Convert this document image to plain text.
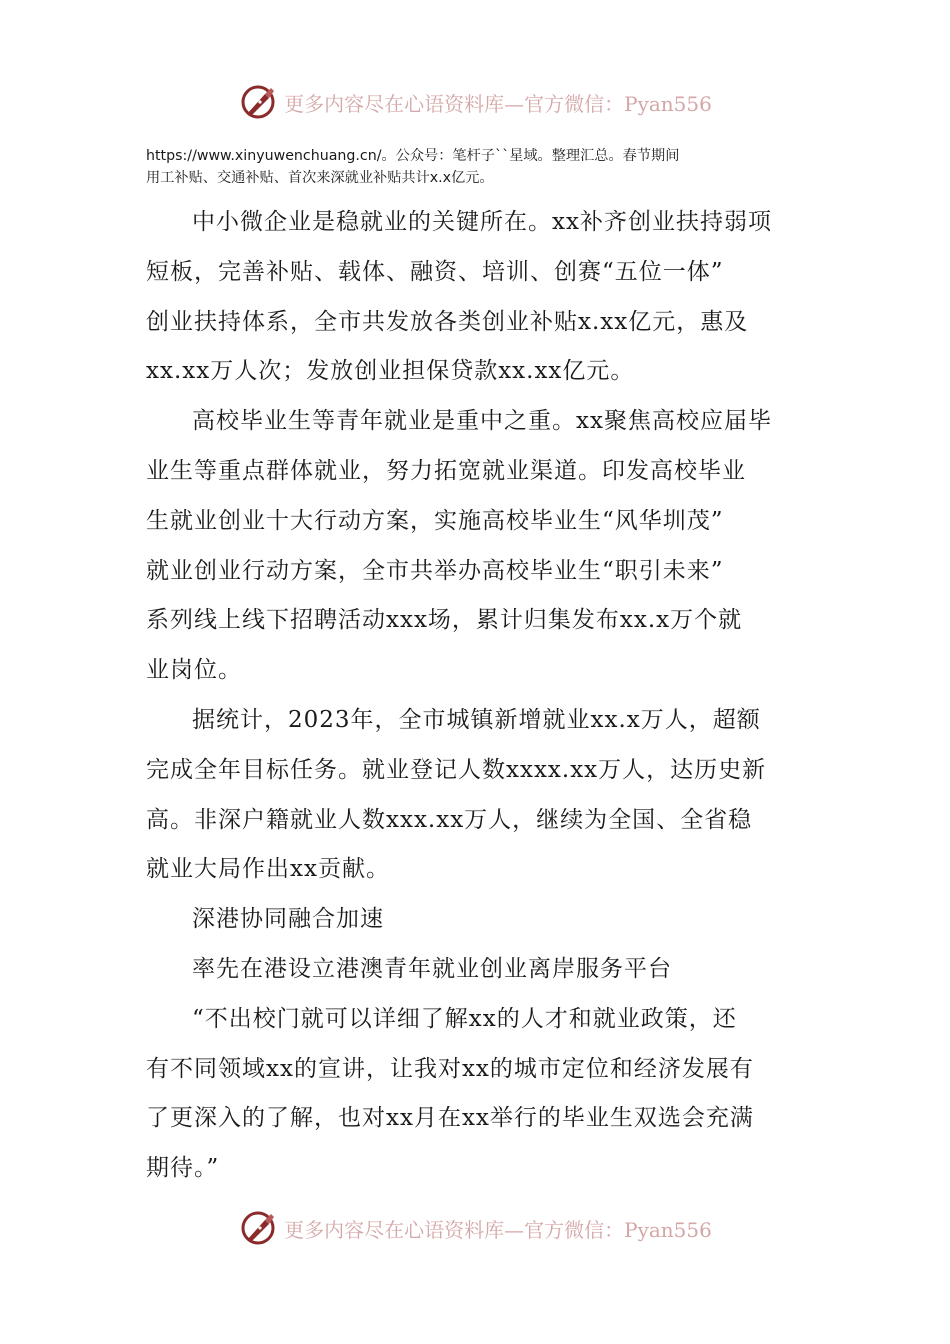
更多内容尽在心语资料库—官方微信：Pyan556
https://www.xinyuwenchuang.cn/。公众号：笔杆子``星域。整理汇总。春节期间
用工补贴、交通补贴、首次来深就业补贴共计x.x亿元。

中小微企业是稳就业的关键所在。xx补齐创业扶持弱项
短板，完善补贴、载体、融资、培训、创赛“五位一体”
创业扶持体系，全市共发放各类创业补贴x.xx亿元，惠及
xx.xx万人次；发放创业担保贷款xx.xx亿元。

高校毕业生等青年就业是重中之重。xx聚焦高校应届毕
业生等重点群体就业，努力拓宽就业渠道。印发高校毕业
生就业创业十大行动方案，实施高校毕业生“风华圳茂”
就业创业行动方案，全市共举办高校毕业生“职引未来”
系列线上线下招聘活动xxx场，累计归集发布xx.x万个就
业岗位。

据统计，2023年，全市城镇新增就业xx.x万人，超额
完成全年目标任务。就业登记人数xxxx.xx万人，达历史新
高。非深户籍就业人数xxx.xx万人，继续为全国、全省稳
就业大局作出xx贡献。

深港协同融合加速

率先在港设立港澳青年就业创业离岸服务平台

“不出校门就可以详细了解xx的人才和就业政策，还
有不同领域xx的宣讲，让我对xx的城市定位和经济发展有
了更深入的了解，也对xx月在xx举行的毕业生双选会充满
期待。”

更多内容尽在心语资料库—官方微信：Pyan556
